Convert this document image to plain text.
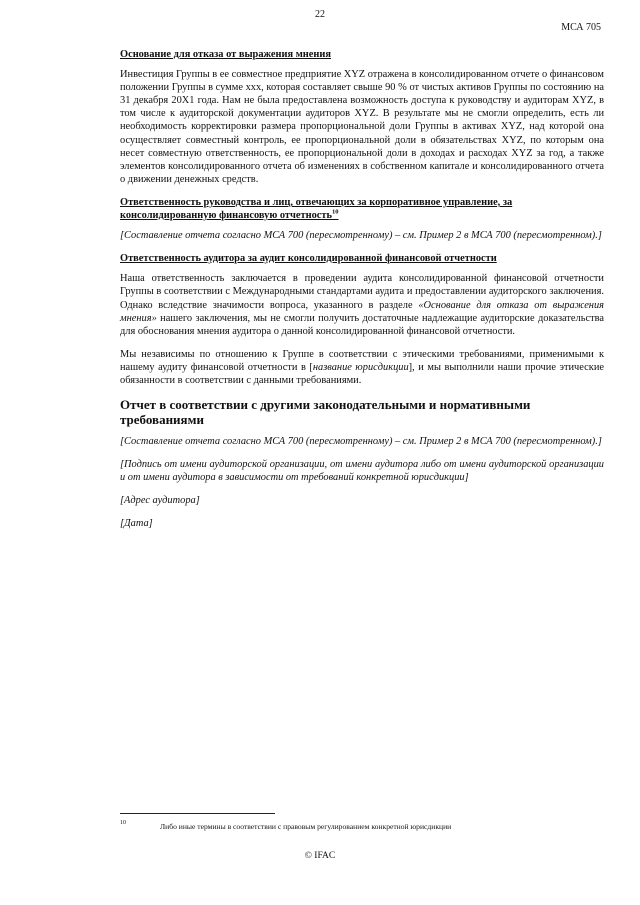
22
МСА 705
Основание для отказа от выражения мнения

Инвестиция Группы в ее совместное предприятие XYZ отражена в консолидированном отчете о финансовом положении Группы в сумме ххх, которая составляет свыше 90 % от чистых активов Группы по состоянию на 31 декабря 20X1 года. Нам не была предоставлена возможность доступа к руководству и аудиторам XYZ, в том числе к аудиторской документации аудиторов XYZ. В результате мы не смогли определить, есть ли необходимость корректировки размера пропорциональной доли Группы в активах XYZ, над которой она осуществляет совместный контроль, ее пропорциональной доли в обязательствах XYZ, по которым она несет совместную ответственность, ее пропорциональной доли в доходах и расходах XYZ за год, а также элементов консолидированного отчета об изменениях в собственном капитале и консолидированного отчета о движении денежных средств.

Ответственность руководства и лиц, отвечающих за корпоративное управление, за консолидированную финансовую отчетность$^{10}$

[Составление отчета согласно МСА 700 (пересмотренному) – см. Пример 2 в МСА 700 (пересмотренном).]

Ответственность аудитора за аудит консолидированной финансовой отчетности

Наша ответственность заключается в проведении аудита консолидированной финансовой отчетности Группы в соответствии с Международными стандартами аудита и предоставлении аудиторского заключения. Однако вследствие значимости вопроса, указанного в разделе «Основание для отказа от выражения мнения» нашего заключения, мы не смогли получить достаточные надлежащие аудиторские доказательства для обоснования мнения аудитора о данной консолидированной финансовой отчетности.

Мы независимы по отношению к Группе в соответствии с этическими требованиями, применимыми к нашему аудиту финансовой отчетности в [название юрисдикции], и мы выполнили наши прочие этические обязанности в соответствии с данными требованиями.

Отчет в соответствии с другими законодательными и нормативными требованиями

[Составление отчета согласно МСА 700 (пересмотренному) – см. Пример 2 в МСА 700 (пересмотренном).]

[Подпись от имени аудиторской организации, от имени аудитора либо от имени аудиторской организации и от имени аудитора в зависимости от требований конкретной юрисдикции]

[Адрес аудитора]

[Дата]

10	Либо иные термины в соответствии с правовым регулированием конкретной юрисдикции
© IFAC
